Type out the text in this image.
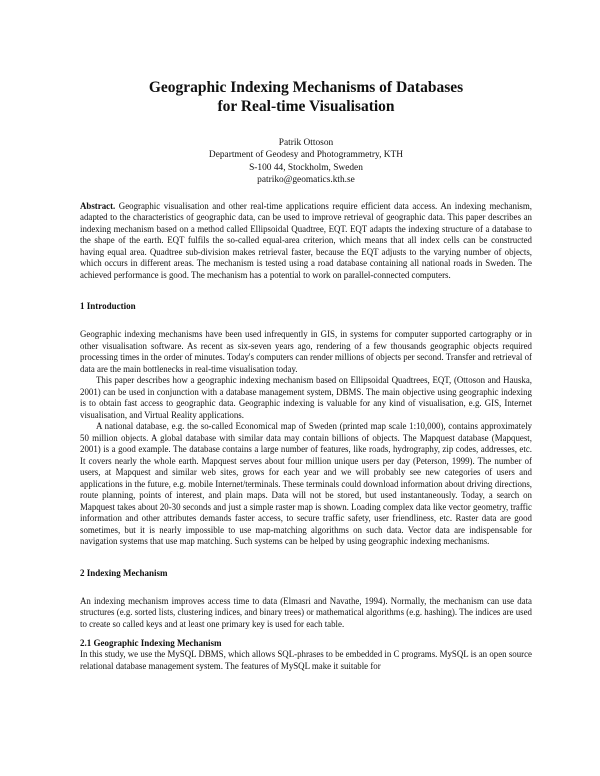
Geographic Indexing Mechanisms of Databases
for Real-time Visualisation
Patrik Ottoson
Department of Geodesy and Photogrammetry, KTH
S-100 44, Stockholm, Sweden
patriko@geomatics.kth.se
Abstract. Geographic visualisation and other real-time applications require efficient data access. An indexing mechanism, adapted to the characteristics of geographic data, can be used to improve retrieval of geographic data. This paper describes an indexing mechanism based on a method called Ellipsoidal Quadtree, EQT. EQT adapts the indexing structure of a database to the shape of the earth. EQT fulfils the so-called equal-area criterion, which means that all index cells can be constructed having equal area. Quadtree sub-division makes retrieval faster, because the EQT adjusts to the varying number of objects, which occurs in different areas. The mechanism is tested using a road database containing all national roads in Sweden. The achieved performance is good. The mechanism has a potential to work on parallel-connected computers.
1 Introduction

Geographic indexing mechanisms have been used infrequently in GIS, in systems for computer supported cartography or in other visualisation software. As recent as six-seven years ago, rendering of a few thousands geographic objects required processing times in the order of minutes. Today's computers can render millions of objects per second. Transfer and retrieval of data are the main bottlenecks in real-time visualisation today.

This paper describes how a geographic indexing mechanism based on Ellipsoidal Quadtrees, EQT, (Ottoson and Hauska, 2001) can be used in conjunction with a database management system, DBMS. The main objective using geographic indexing is to obtain fast access to geographic data. Geographic indexing is valuable for any kind of visualisation, e.g. GIS, Internet visualisation, and Virtual Reality applications.

A national database, e.g. the so-called Economical map of Sweden (printed map scale 1:10,000), contains approximately 50 million objects. A global database with similar data may contain billions of objects. The Mapquest database (Mapquest, 2001) is a good example. The database contains a large number of features, like roads, hydrography, zip codes, addresses, etc. It covers nearly the whole earth. Mapquest serves about four million unique users per day (Peterson, 1999). The number of users, at Mapquest and similar web sites, grows for each year and we will probably see new categories of users and applications in the future, e.g. mobile Internet/terminals. These terminals could download information about driving directions, route planning, points of interest, and plain maps. Data will not be stored, but used instantaneously. Today, a search on Mapquest takes about 20-30 seconds and just a simple raster map is shown. Loading complex data like vector geometry, traffic information and other attributes demands faster access, to secure traffic safety, user friendliness, etc. Raster data are good sometimes, but it is nearly impossible to use map-matching algorithms on such data. Vector data are indispensable for navigation systems that use map matching. Such systems can be helped by using geographic indexing mechanisms.

2 Indexing Mechanism

An indexing mechanism improves access time to data (Elmasri and Navathe, 1994). Normally, the mechanism can use data structures (e.g. sorted lists, clustering indices, and binary trees) or mathematical algorithms (e.g. hashing). The indices are used to create so called keys and at least one primary key is used for each table.

2.1 Geographic Indexing Mechanism

In this study, we use the MySQL DBMS, which allows SQL-phrases to be embedded in C programs. MySQL is an open source relational database management system. The features of MySQL make it suitable for
